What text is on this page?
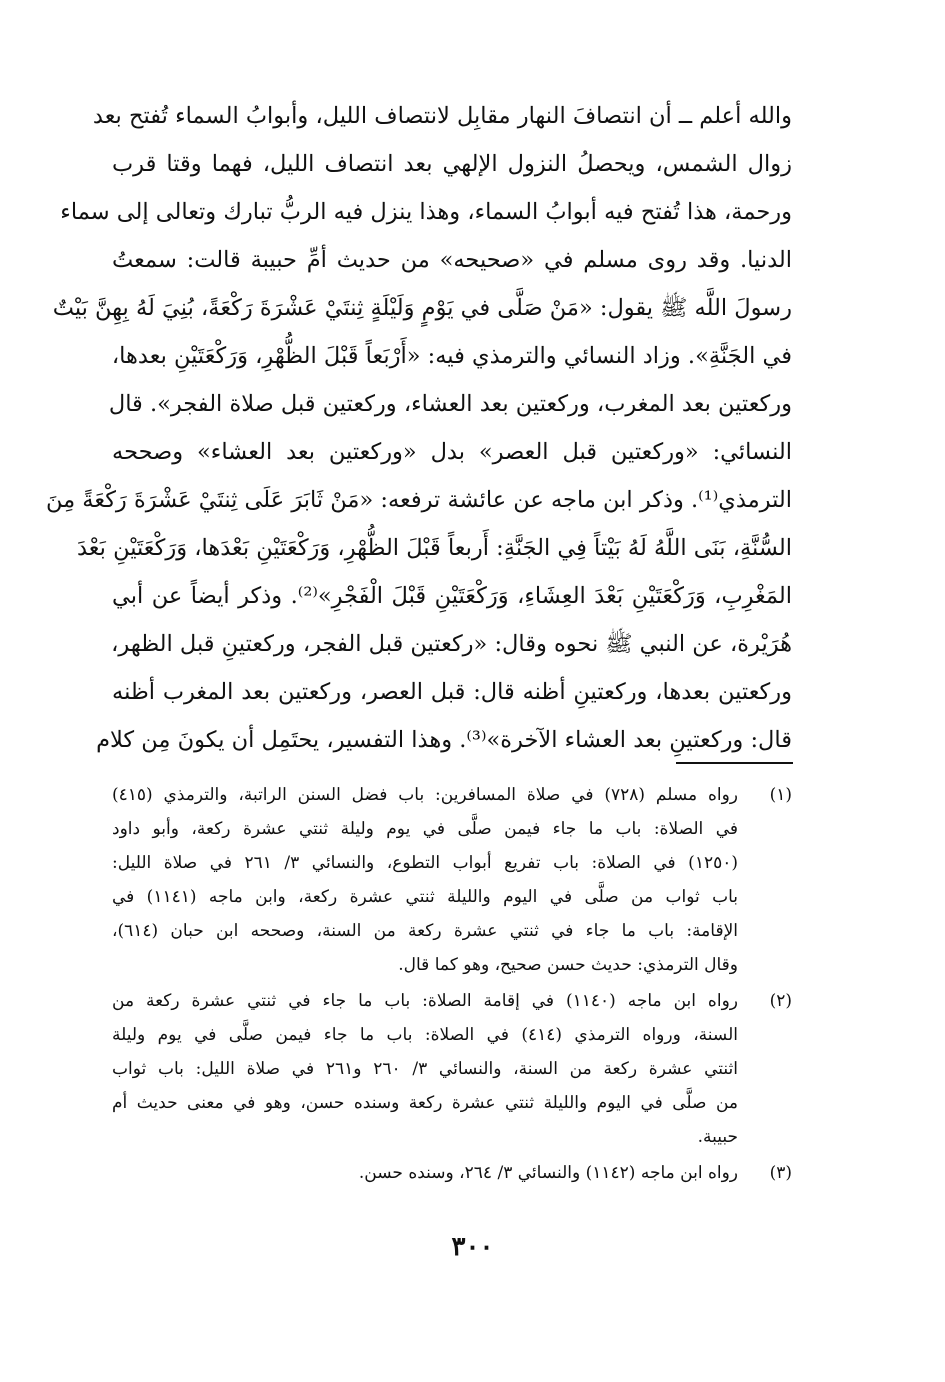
والله أعلم ــ أن انتصافَ النهار مقابِل لانتصاف الليل، وأبوابُ السماء تُفتح بعد
زوال الشمس، ويحصلُ النزول الإلهي بعد انتصاف الليل، فهما وقتا قرب
ورحمة، هذا تُفتح فيه أبوابُ السماء، وهذا ينزل فيه الربُّ تبارك وتعالى إلى سماء
الدنيا. وقد روى مسلم في «صحيحه» من حديث أمِّ حبيبة قالت: سمعتُ
رسولَ اللَّه ﷺ يقول: «مَنْ صَلَّى في يَوْمٍ وَلَيْلَةٍ ثِنتَيْ عَشْرَةَ رَكْعَةً، بُنِيَ لَهُ بِهِنَّ بَيْتٌ
في الجَنَّةِ». وزاد النسائي والترمذي فيه: «أَرْبَعاً قَبْلَ الظُّهْرِ، وَرَكْعَتَيْنِ بعدها،
وركعتين بعد المغرب، وركعتين بعد العشاء، وركعتين قبل صلاة الفجر». قال
النسائي: «وركعتين قبل العصر» بدل «وركعتين بعد العشاء» وصححه
الترمذي⁽¹⁾. وذكر ابن ماجه عن عائشة ترفعه: «مَنْ ثَابَرَ عَلَى ثِنتَيْ عَشْرَةَ رَكْعَةً مِنَ
السُّنَّةِ، بَنَى اللَّهُ لَهُ بَيْتاً فِي الجَنَّةِ: أَربعاً قَبْلَ الظُّهْرِ، وَرَكْعَتَيْنِ بَعْدَها، وَرَكْعَتَيْنِ بَعْدَ
المَغْرِبِ، وَرَكْعَتَيْنِ بَعْدَ العِشَاءِ، وَرَكْعَتَيْنِ قَبْلَ الْفَجْرِ»⁽²⁾. وذكر أيضاً عن أبي
هُرَيْرة، عن النبي ﷺ نحوه وقال: «ركعتين قبل الفجر، وركعتينِ قبل الظهر،
وركعتين بعدها، وركعتينِ أظنه قال: قبل العصر، وركعتين بعد المغرب أظنه
قال: وركعتينِ بعد العشاء الآخرة»⁽³⁾. وهذا التفسير، يحتَمِل أن يكونَ مِن كلام
(١)
رواه مسلم (٧٢٨) في صلاة المسافرين: باب فضل السنن الراتبة، والترمذي (٤١٥)
في الصلاة: باب ما جاء فيمن صلَّى في يوم وليلة ثنتي عشرة ركعة، وأبو داود
(١٢٥٠) في الصلاة: باب تفريع أبواب التطوع، والنسائي ٣/ ٢٦١ في صلاة الليل:
باب ثواب من صلَّى في اليوم والليلة ثنتي عشرة ركعة، وابن ماجه (١١٤١) في
الإقامة: باب ما جاء في ثنتي عشرة ركعة من السنة، وصححه ابن حبان (٦١٤)،
وقال الترمذي: حديث حسن صحيح، وهو كما قال.
(٢)
رواه ابن ماجه (١١٤٠) في إقامة الصلاة: باب ما جاء في ثنتي عشرة ركعة من
السنة، ورواه الترمذي (٤١٤) في الصلاة: باب ما جاء فيمن صلَّى في يوم وليلة
اثنتي عشرة ركعة من السنة، والنسائي ٣/ ٢٦٠ و٢٦١ في صلاة الليل: باب ثواب
من صلَّى في اليوم والليلة ثنتي عشرة ركعة وسنده حسن، وهو في معنى حديث أم
حبيبة.
(٣)
رواه ابن ماجه (١١٤٢) والنسائي ٣/ ٢٦٤، وسنده حسن.
٣٠٠
